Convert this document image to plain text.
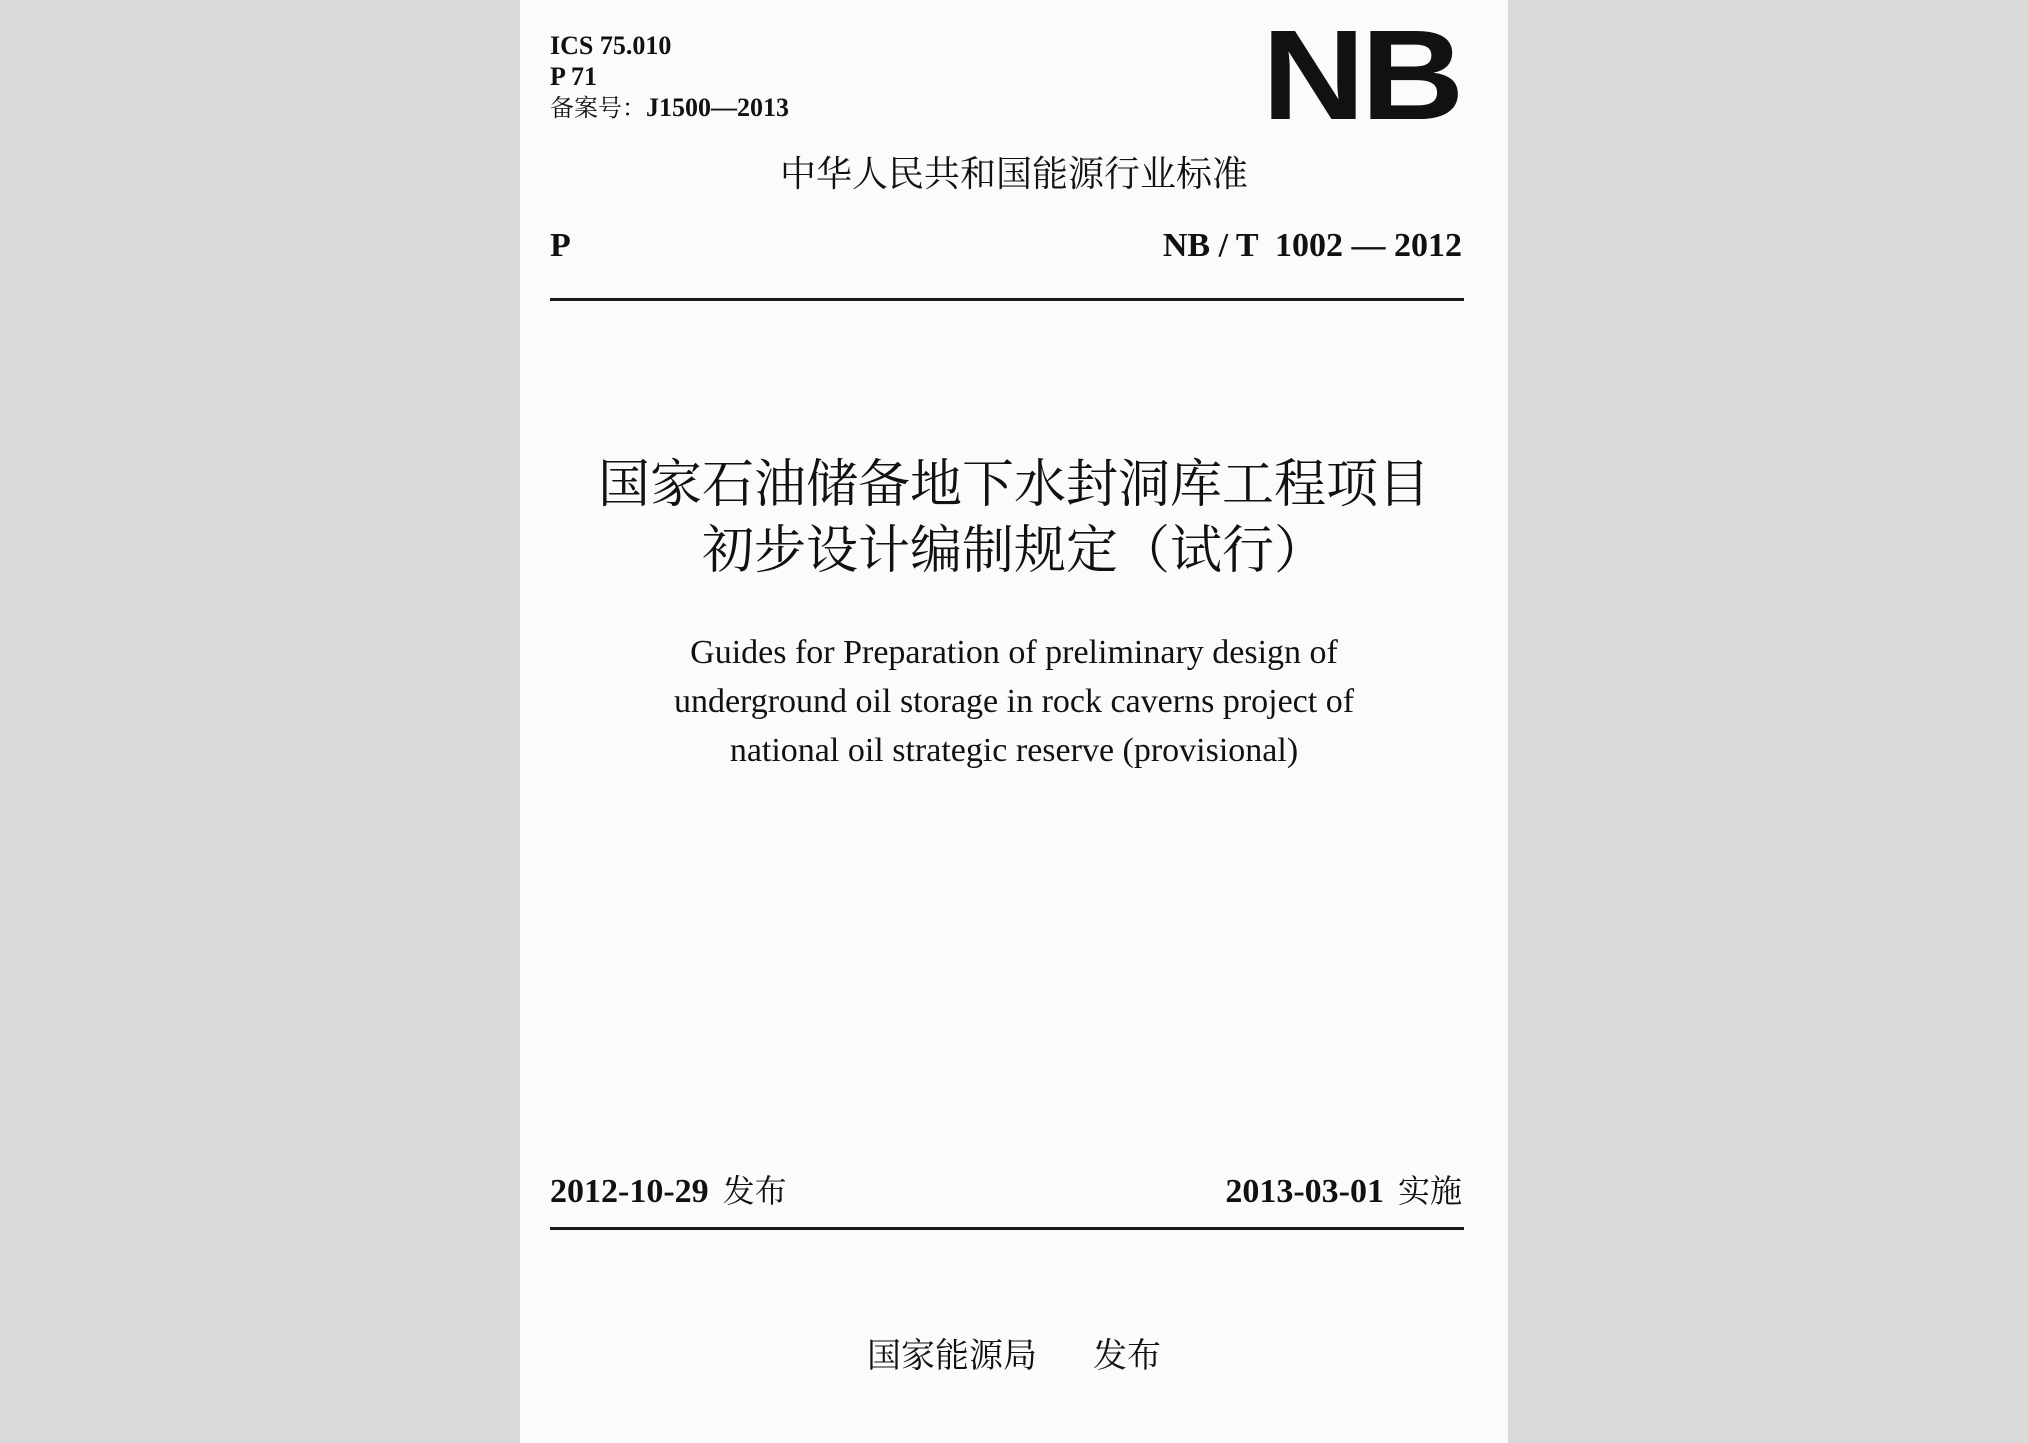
ICS 75.010
P 71
备案号：J1500—2013	NB
中华人民共和国能源行业标准
P	NB / T  1002 — 2012
国家石油储备地下水封洞库工程项目
初步设计编制规定（试行）
Guides for Preparation of preliminary design of
underground oil storage in rock caverns project of
national oil strategic reserve (provisional)
2012-10-29 发布	2013-03-01 实施
国家能源局 发布
